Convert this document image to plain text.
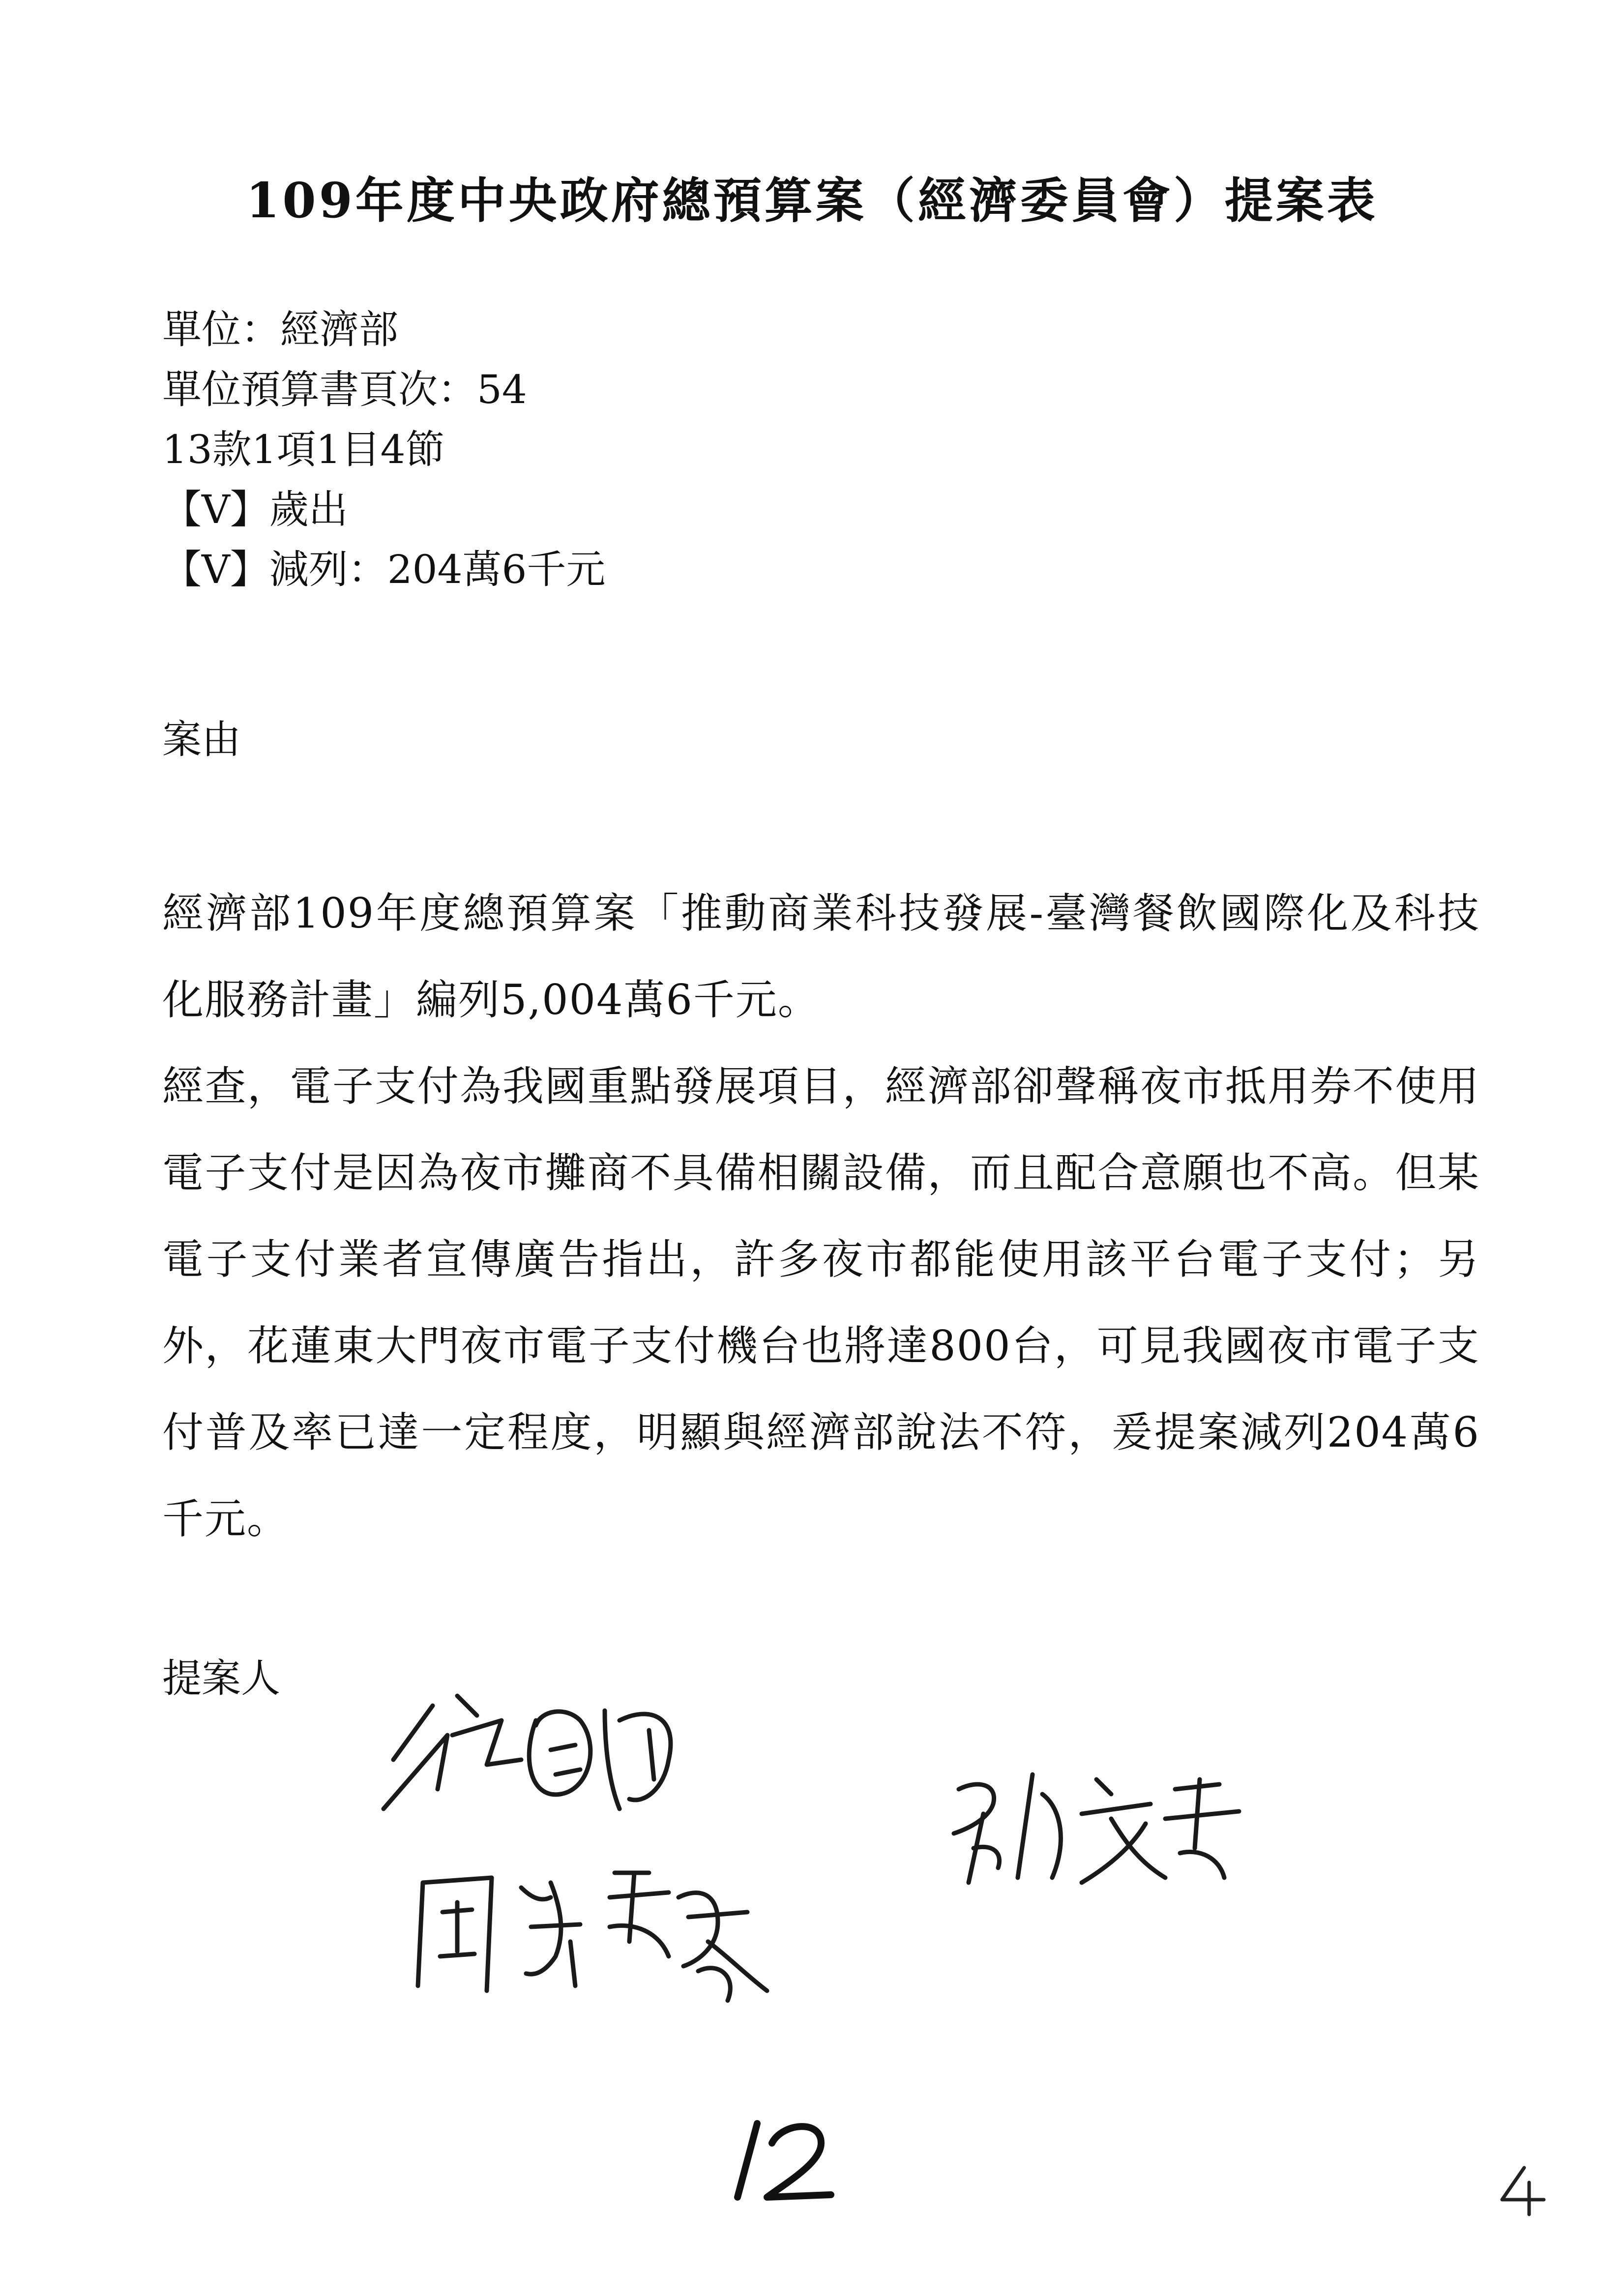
109年度中央政府總預算案（經濟委員會）提案表
單位：經濟部
單位預算書頁次：54
13款1項1目4節
【V】歲出
【V】減列：204萬6千元
案由

經濟部109年度總預算案「推動商業科技發展-臺灣餐飲國際化及科技化服務計畫」編列5,004萬6千元。

經查，電子支付為我國重點發展項目，經濟部卻聲稱夜市抵用券不使用電子支付是因為夜市攤商不具備相關設備，而且配合意願也不高。但某電子支付業者宣傳廣告指出，許多夜市都能使用該平台電子支付；另外，花蓮東大門夜市電子支付機台也將達800台，可見我國夜市電子支付普及率已達一定程度，明顯與經濟部說法不符，爰提案減列204萬6千元。

提案人
